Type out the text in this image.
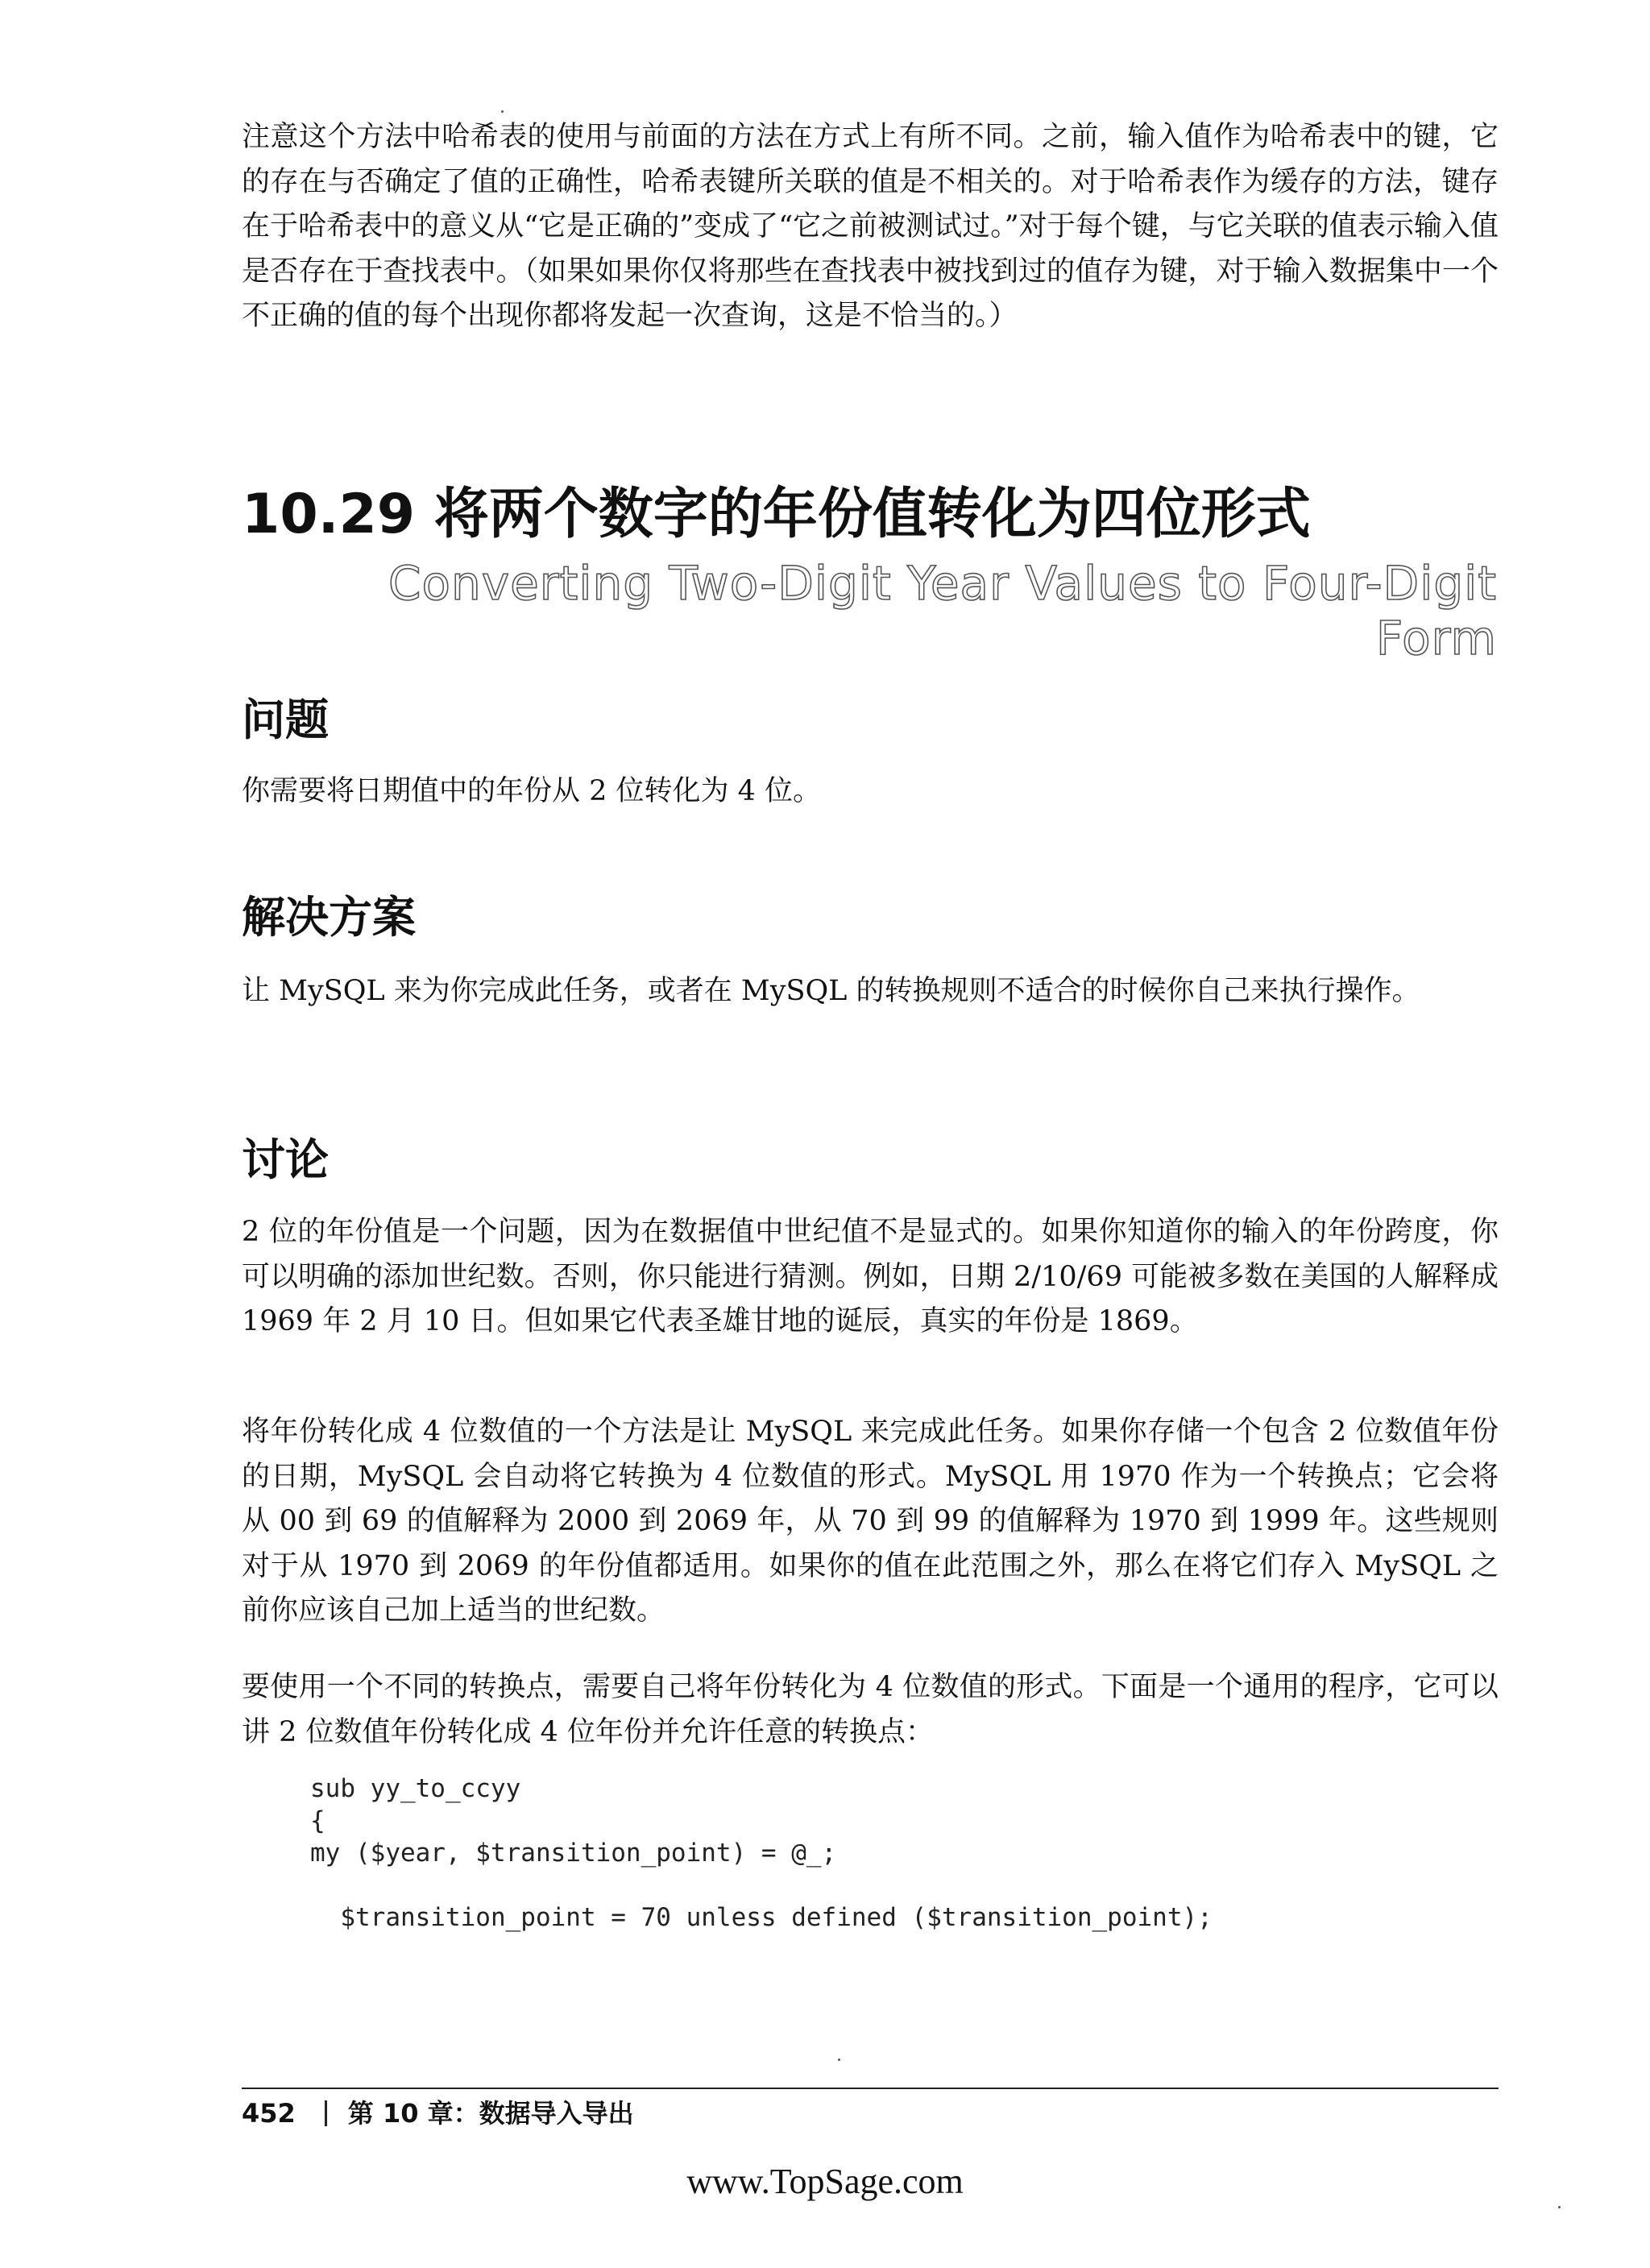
注意这个方法中哈希表的使用与前面的方法在方式上有所不同。之前，输入值作为哈希表中的键，它的存在与否确定了值的正确性，哈希表键所关联的值是不相关的。对于哈希表作为缓存的方法，键存在于哈希表中的意义从“它是正确的”变成了“它之前被测试过。”对于每个键，与它关联的值表示输入值是否存在于查找表中。（如果如果你仅将那些在查找表中被找到过的值存为键，对于输入数据集中一个不正确的值的每个出现你都将发起一次查询，这是不恰当的。）

10.29 将两个数字的年份值转化为四位形式
Converting Two-Digit Year Values to Four-Digit Form
问题

你需要将日期值中的年份从 2 位转化为 4 位。

解决方案

让 MySQL 来为你完成此任务，或者在 MySQL 的转换规则不适合的时候你自己来执行操作。

讨论

2 位的年份值是一个问题，因为在数据值中世纪值不是显式的。如果你知道你的输入的年份跨度，你可以明确的添加世纪数。否则，你只能进行猜测。例如，日期 2/10/69 可能被多数在美国的人解释成 1969 年 2 月 10 日。但如果它代表圣雄甘地的诞辰，真实的年份是 1869。

将年份转化成 4 位数值的一个方法是让 MySQL 来完成此任务。如果你存储一个包含 2 位数值年份的日期，MySQL 会自动将它转换为 4 位数值的形式。MySQL 用 1970 作为一个转换点；它会将从 00 到 69 的值解释为 2000 到 2069 年，从 70 到 99 的值解释为 1970 到 1999 年。这些规则对于从 1970 到 2069 的年份值都适用。如果你的值在此范围之外，那么在将它们存入 MySQL 之前你应该自己加上适当的世纪数。

要使用一个不同的转换点，需要自己将年份转化为 4 位数值的形式。下面是一个通用的程序，它可以讲 2 位数值年份转化成 4 位年份并允许任意的转换点：

sub yy_to_ccyy
{
my ($year, $transition_point) = @_;
$transition_point = 70 unless defined ($transition_point);
452 第 10 章：数据导入导出
www.TopSage.com
